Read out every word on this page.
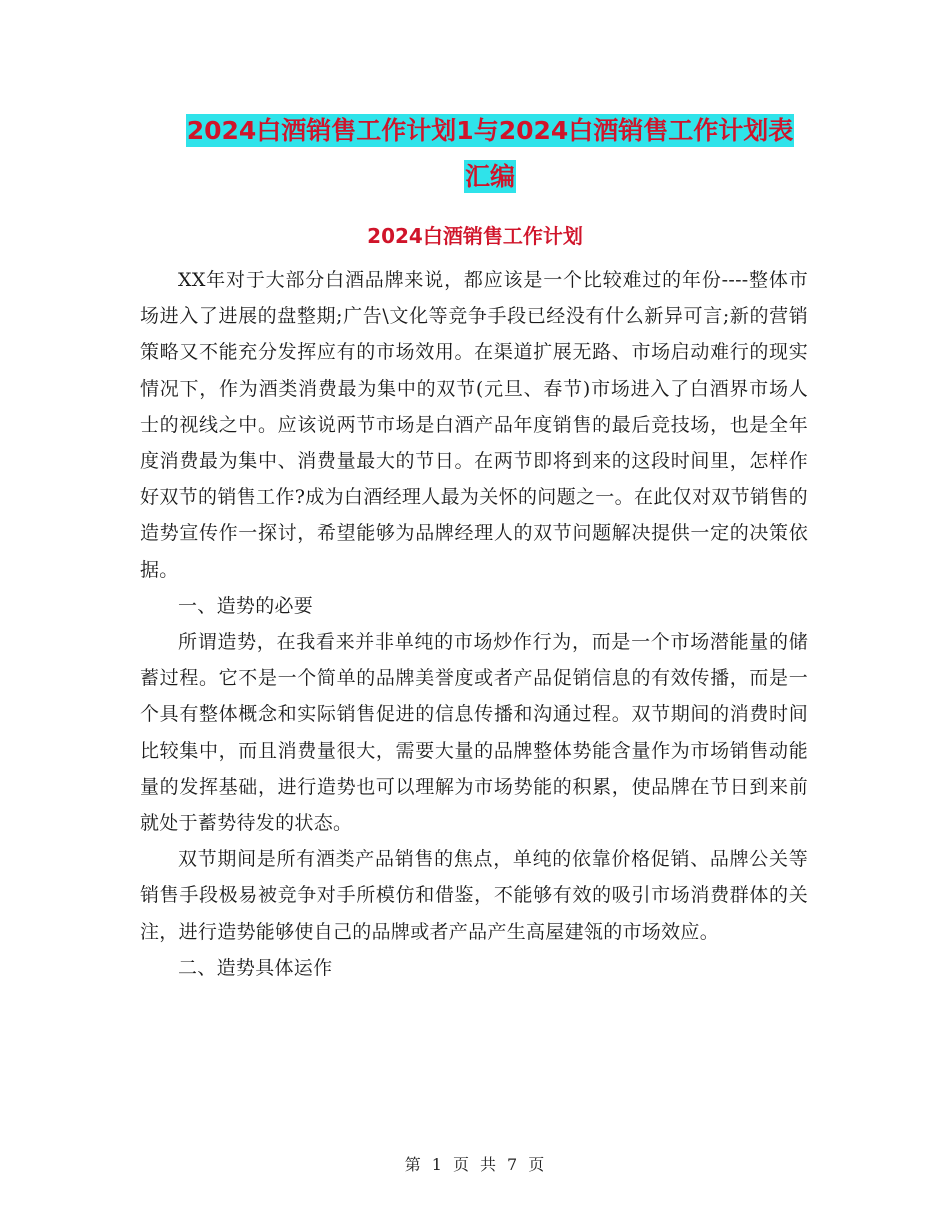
2024白酒销售工作计划1与2024白酒销售工作计划表
汇编
2024白酒销售工作计划

XX年对于大部分白酒品牌来说，都应该是一个比较难过的年份----整体市场进入了进展的盘整期;广告\文化等竞争手段已经没有什么新异可言;新的营销策略又不能充分发挥应有的市场效用。在渠道扩展无路、市场启动难行的现实情况下，作为酒类消费最为集中的双节(元旦、春节)市场进入了白酒界市场人士的视线之中。应该说两节市场是白酒产品年度销售的最后竞技场，也是全年度消费最为集中、消费量最大的节日。在两节即将到来的这段时间里，怎样作好双节的销售工作?成为白酒经理人最为关怀的问题之一。在此仅对双节销售的造势宣传作一探讨，希望能够为品牌经理人的双节问题解决提供一定的决策依据。

一、造势的必要

所谓造势，在我看来并非单纯的市场炒作行为，而是一个市场潜能量的储蓄过程。它不是一个简单的品牌美誉度或者产品促销信息的有效传播，而是一个具有整体概念和实际销售促进的信息传播和沟通过程。双节期间的消费时间比较集中，而且消费量很大，需要大量的品牌整体势能含量作为市场销售动能量的发挥基础，进行造势也可以理解为市场势能的积累，使品牌在节日到来前就处于蓄势待发的状态。

双节期间是所有酒类产品销售的焦点，单纯的依靠价格促销、品牌公关等销售手段极易被竞争对手所模仿和借鉴，不能够有效的吸引市场消费群体的关注，进行造势能够使自己的品牌或者产品产生高屋建瓴的市场效应。

二、造势具体运作

第 1 页 共 7 页
